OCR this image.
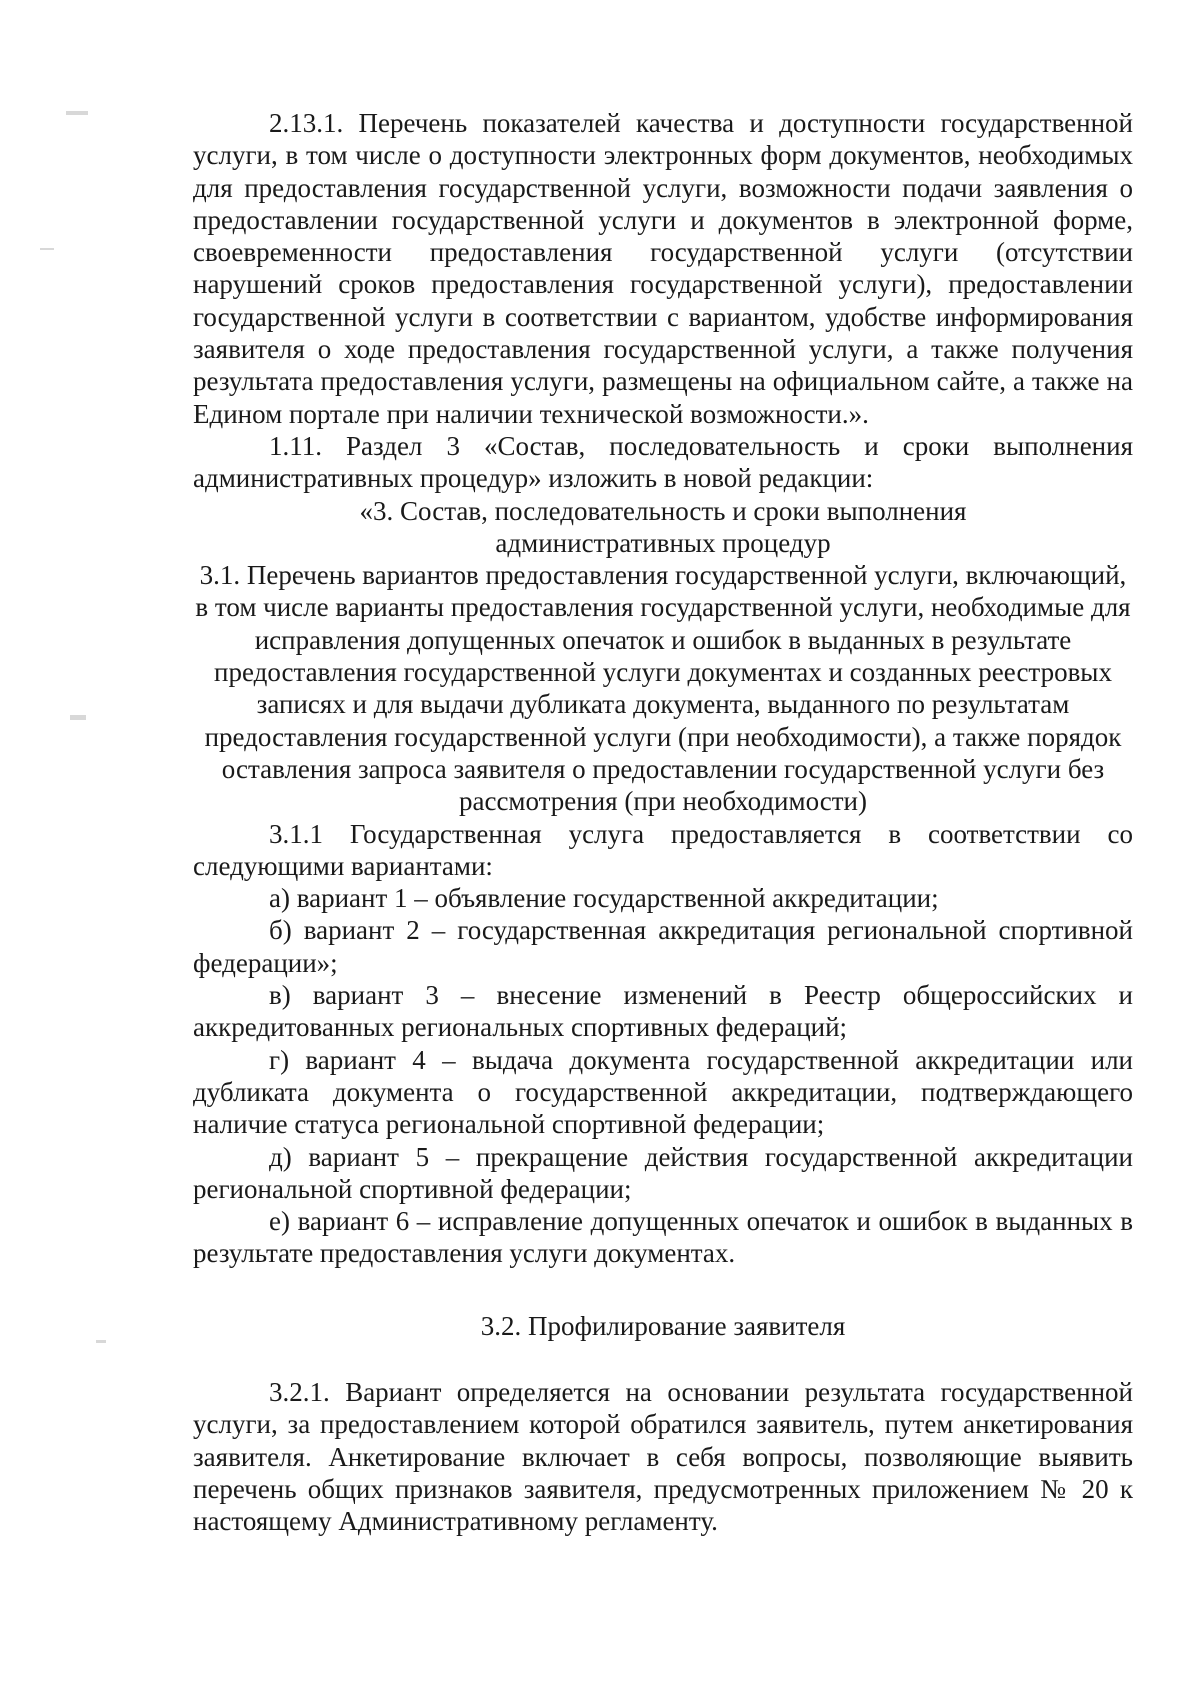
2.13.1. Перечень показателей качества и доступности государственной услуги, в том числе о доступности электронных форм документов, необходимых для предоставления государственной услуги, возможности подачи заявления о предоставлении государственной услуги и документов в электронной форме, своевременности предоставления государственной услуги (отсутствии нарушений сроков предоставления государственной услуги), предоставлении государственной услуги в соответствии с вариантом, удобстве информирования заявителя о ходе предоставления государственной услуги, а также получения результата предоставления услуги, размещены на официальном сайте, а также на Едином портале при наличии технической возможности.».

1.11. Раздел 3 «Состав, последовательность и сроки выполнения административных процедур» изложить в новой редакции:

«3. Состав, последовательность и сроки выполнения

административных процедур

3.1. Перечень вариантов предоставления государственной услуги, включающий, в том числе варианты предоставления государственной услуги, необходимые для исправления допущенных опечаток и ошибок в выданных в результате предоставления государственной услуги документах и созданных реестровых записях и для выдачи дубликата документа, выданного по результатам предоставления государственной услуги (при необходимости), а также порядок оставления запроса заявителя о предоставлении государственной услуги без рассмотрения (при необходимости)

3.1.1 Государственная услуга предоставляется в соответствии со следующими вариантами:

а) вариант 1 – объявление государственной аккредитации;

б) вариант 2 – государственная аккредитация региональной спортивной федерации»;

в) вариант 3 – внесение изменений в Реестр общероссийских и аккредитованных региональных спортивных федераций;

г) вариант 4 – выдача документа государственной аккредитации или дубликата документа о государственной аккредитации, подтверждающего наличие статуса региональной спортивной федерации;

д) вариант 5 – прекращение действия государственной аккредитации региональной спортивной федерации;

е) вариант 6 – исправление допущенных опечаток и ошибок в выданных в результате предоставления услуги документах.

3.2. Профилирование заявителя

3.2.1. Вариант определяется на основании результата государственной услуги, за предоставлением которой обратился заявитель, путем анкетирования заявителя. Анкетирование включает в себя вопросы, позволяющие выявить перечень общих признаков заявителя, предусмотренных приложением № 20 к настоящему Административному регламенту.
